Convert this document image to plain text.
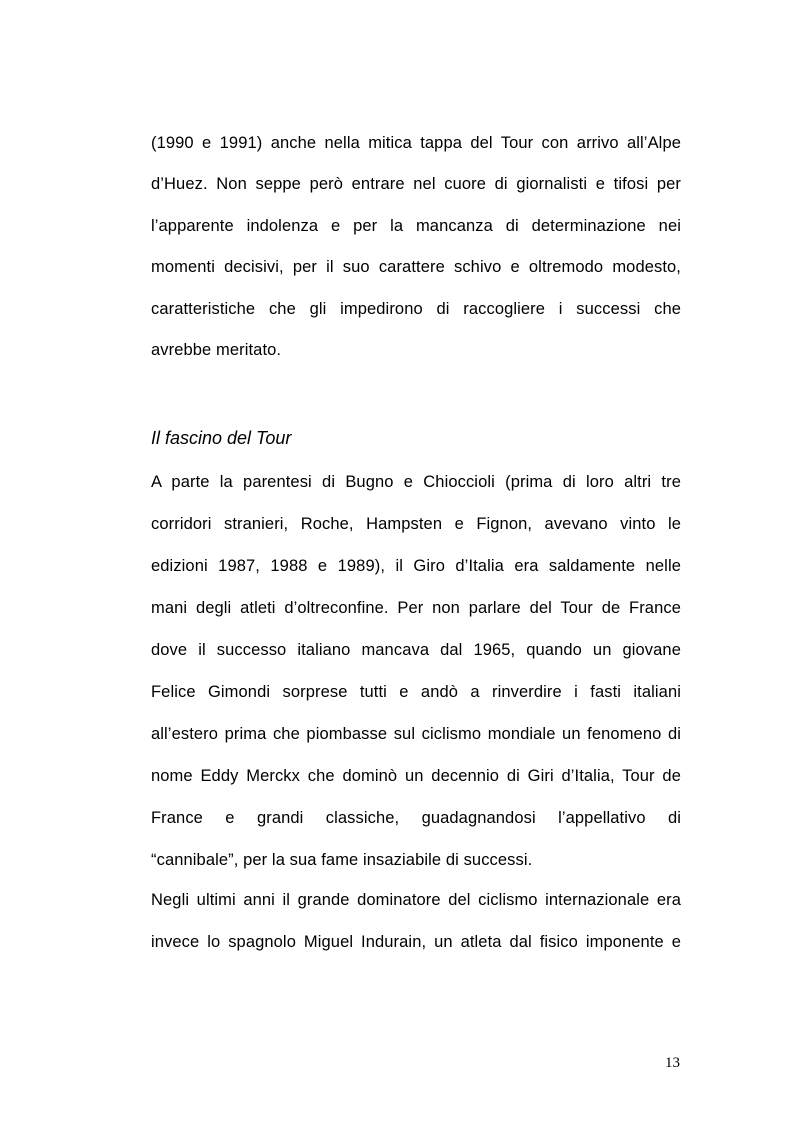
(1990 e 1991) anche nella mitica tappa del Tour con arrivo all’Alpe
d’Huez. Non seppe però entrare nel cuore di giornalisti e tifosi per
l’apparente indolenza e per la mancanza di determinazione nei
momenti decisivi, per il suo carattere schivo e oltremodo modesto,
caratteristiche che gli impedirono di raccogliere i successi che
avrebbe meritato.
Il fascino del Tour
A parte la parentesi di Bugno e Chioccioli (prima di loro altri tre
corridori stranieri, Roche, Hampsten e Fignon, avevano vinto le
edizioni 1987, 1988 e 1989), il Giro d’Italia era saldamente nelle
mani degli atleti d’oltreconfine. Per non parlare del Tour de France
dove il successo italiano mancava dal 1965, quando un giovane
Felice Gimondi sorprese tutti e andò a rinverdire i fasti italiani
all’estero prima che piombasse sul ciclismo mondiale un fenomeno di
nome Eddy Merckx che dominò un decennio di Giri d’Italia, Tour de
France e grandi classiche, guadagnandosi l’appellativo di
“cannibale”, per la sua fame insaziabile di successi.
Negli ultimi anni il grande dominatore del ciclismo internazionale era
invece lo spagnolo Miguel Indurain, un atleta dal fisico imponente e
13
